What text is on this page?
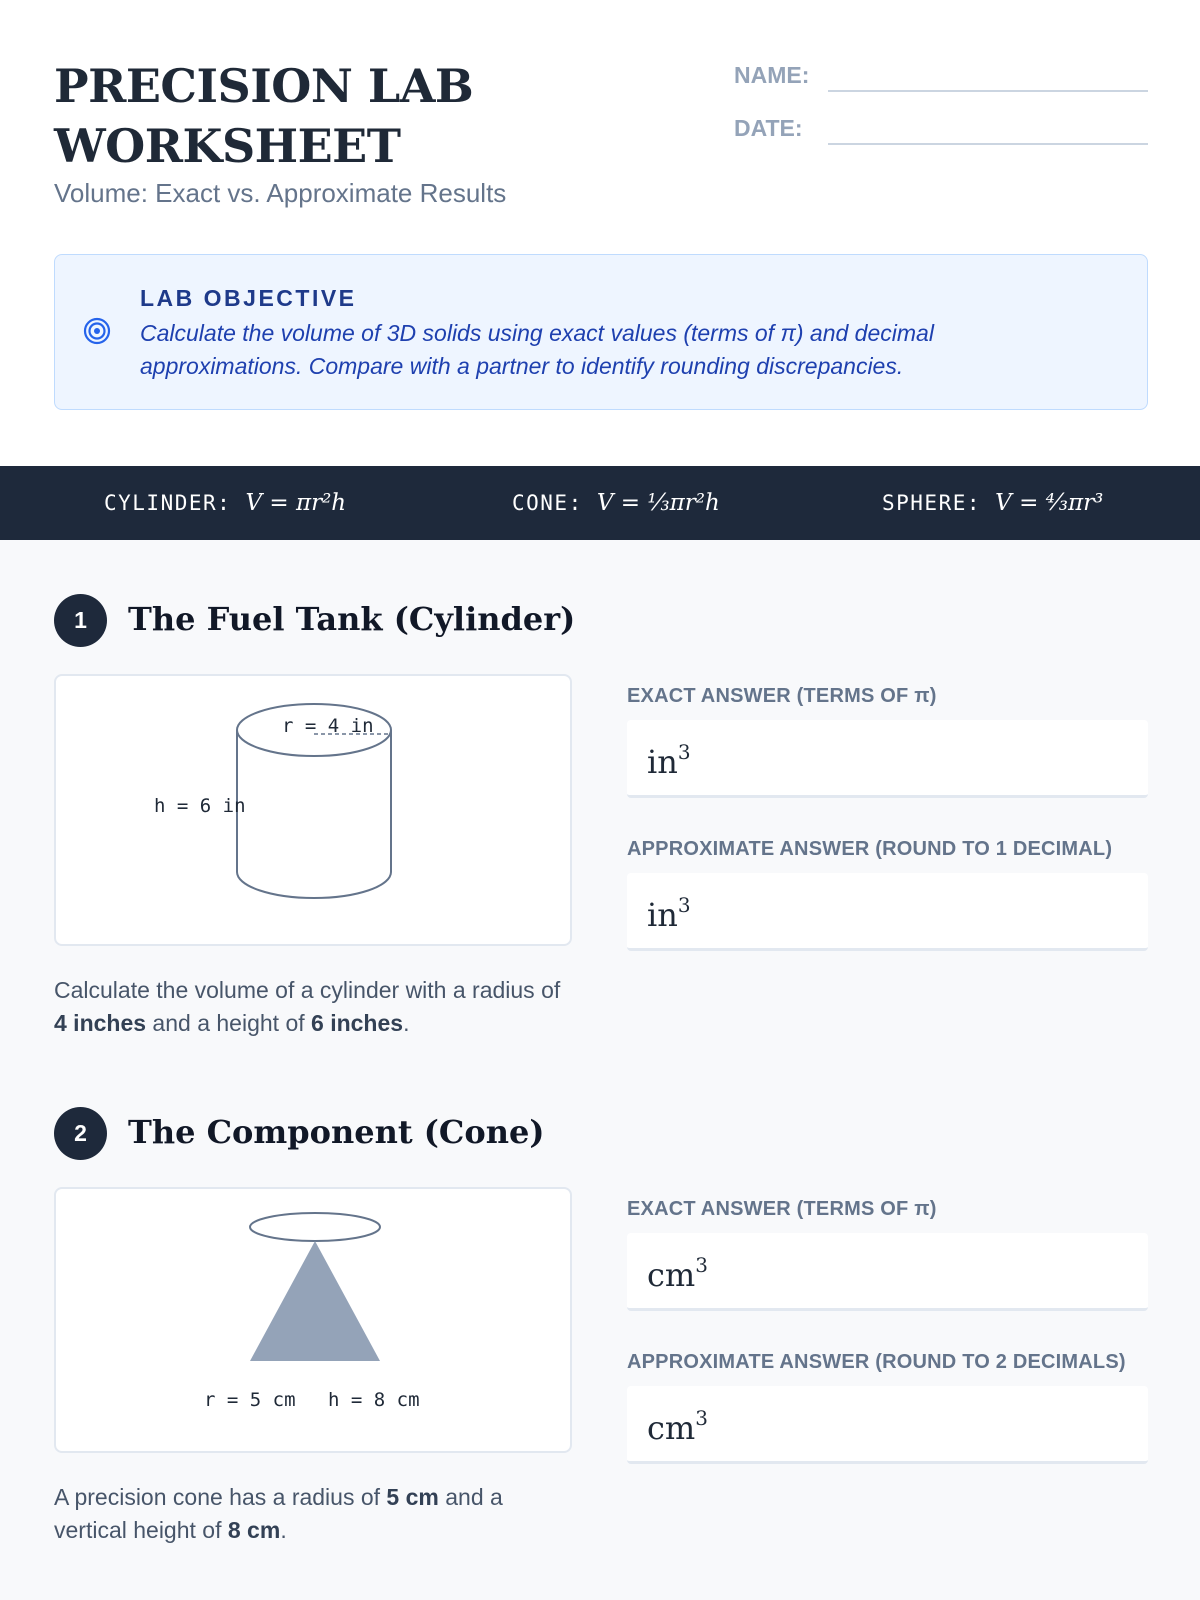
PRECISION LAB WORKSHEET
Volume: Exact vs. Approximate Results
NAME:
DATE:
LAB OBJECTIVE
Calculate the volume of 3D solids using exact values (terms of π) and decimal approximations. Compare with a partner to identify rounding discrepancies.
CYLINDER: V = πr²h	CONE: V = ⅓πr²h	SPHERE: V = ⁴⁄₃πr³
1	The Fuel Tank (Cylinder)
r = 4 in
h = 6 in
EXACT ANSWER (TERMS OF π)
$in^3$
APPROXIMATE ANSWER (ROUND TO 1 DECIMAL)
$in^3$
Calculate the volume of a cylinder with a radius of 4 inches and a height of 6 inches.
2	The Component (Cone)
r = 5 cm h = 8 cm
EXACT ANSWER (TERMS OF π)
$cm^3$
APPROXIMATE ANSWER (ROUND TO 2 DECIMALS)
$cm^3$
A precision cone has a radius of 5 cm and a vertical height of 8 cm.
